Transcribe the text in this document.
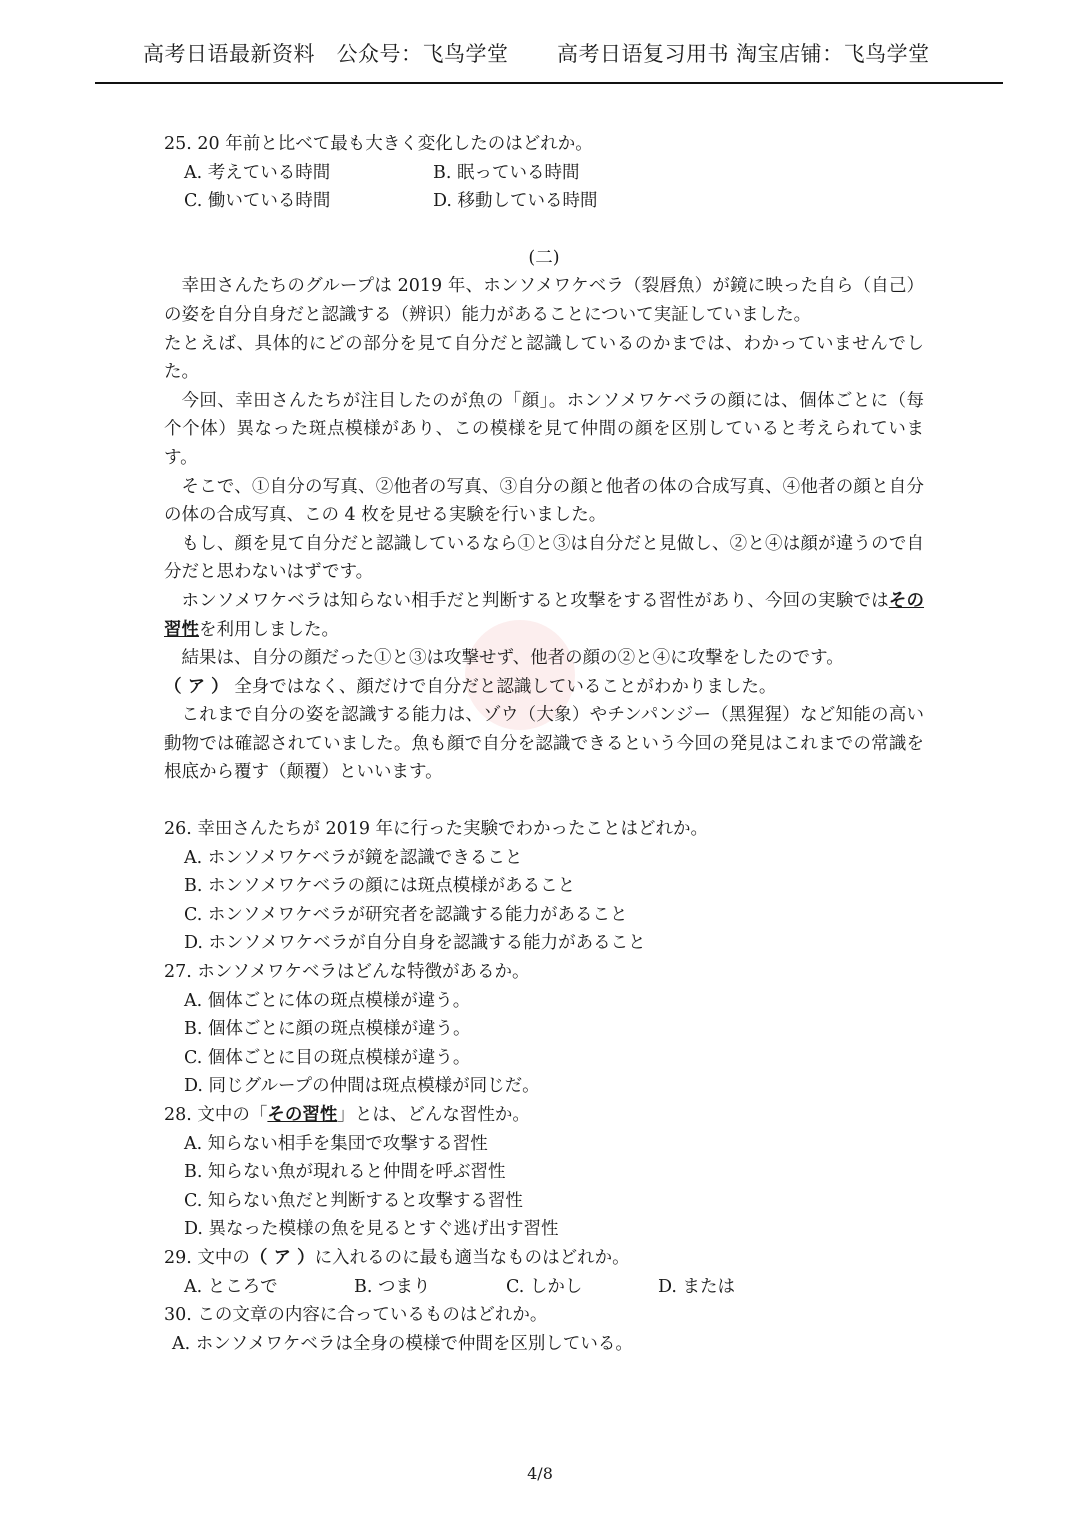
高考日语最新资料　公众号：飞鸟学堂 高考日语复习用书 淘宝店铺：飞鸟学堂
25. 20 年前と比べて最も大きく変化したのはどれか。
A. 考えている時間	B. 眠っている時間
C. 働いている時間	D. 移動している時間
(二)
幸田さんたちのグループは 2019 年、ホンソメワケベラ（裂唇魚）が鏡に映った自ら（自己）の姿を自分自身だと認識する（辨识）能力があることについて実証していました。
たとえば、具体的にどの部分を見て自分だと認識しているのかまでは、わかっていませんでした。
今回、幸田さんたちが注目したのが魚の「顔」。ホンソメワケベラの顔には、個体ごとに（每个个体）異なった斑点模様があり、この模様を見て仲間の顔を区別していると考えられています。
そこで、①自分の写真、②他者の写真、③自分の顔と他者の体の合成写真、④他者の顔と自分の体の合成写真、この 4 枚を見せる実験を行いました。
もし、顔を見て自分だと認識しているなら①と③は自分だと見做し、②と④は顔が違うので自分だと思わないはずです。
ホンソメワケベラは知らない相手だと判断すると攻撃をする習性があり、今回の実験ではその習性を利用しました。
結果は、自分の顔だった①と③は攻撃せず、他者の顔の②と④に攻撃をしたのです。
（ ア ） 全身ではなく、顔だけで自分だと認識していることがわかりました。
これまで自分の姿を認識する能力は、ゾウ（大象）やチンパンジー（黑猩猩）など知能の高い動物では確認されていました。魚も顔で自分を認識できるという今回の発見はこれまでの常識を根底から覆す（颠覆）といいます。
26. 幸田さんたちが 2019 年に行った実験でわかったことはどれか。
A. ホンソメワケベラが鏡を認識できること
B. ホンソメワケベラの顔には斑点模様があること
C. ホンソメワケベラが研究者を認識する能力があること
D. ホンソメワケベラが自分自身を認識する能力があること
27. ホンソメワケベラはどんな特徴があるか。
A. 個体ごとに体の斑点模様が違う。
B. 個体ごとに顔の斑点模様が違う。
C. 個体ごとに目の斑点模様が違う。
D. 同じグループの仲間は斑点模様が同じだ。
28. 文中の「その習性」とは、どんな習性か。
A. 知らない相手を集団で攻撃する習性
B. 知らない魚が現れると仲間を呼ぶ習性
C. 知らない魚だと判断すると攻撃する習性
D. 異なった模様の魚を見るとすぐ逃げ出す習性
29. 文中の（ ア ）に入れるのに最も適当なものはどれか。
A. ところで	B. つまり	C. しかし	D. または
30. この文章の内容に合っているものはどれか。
A. ホンソメワケベラは全身の模様で仲間を区別している。
4/8
